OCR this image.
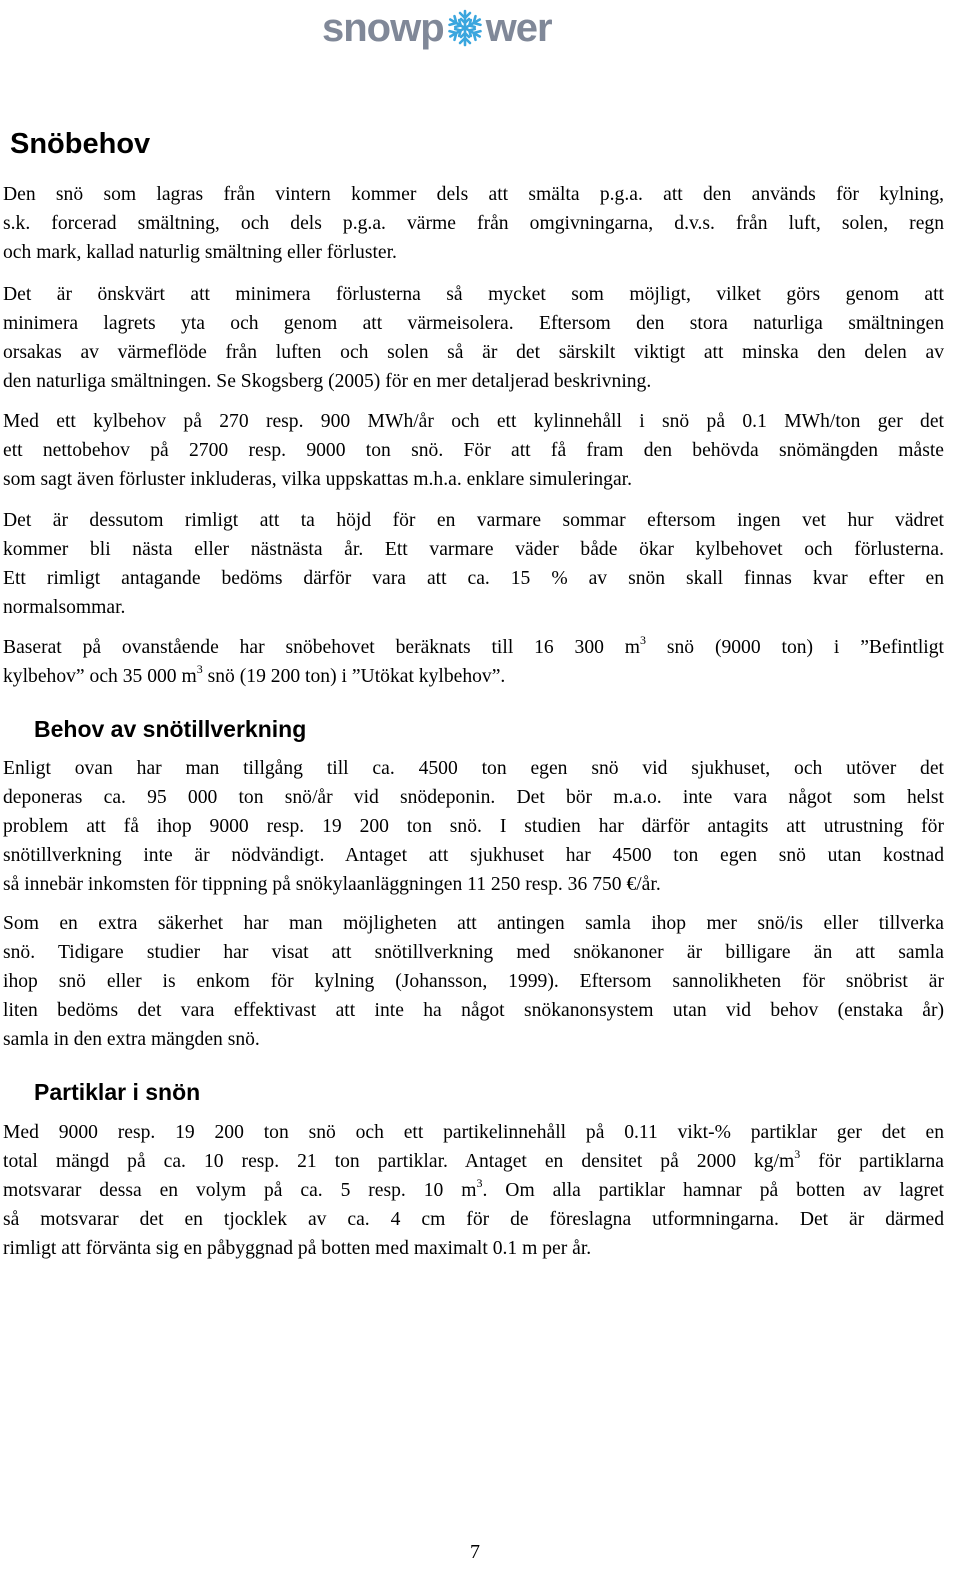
snowp wer
Snöbehov
Den snö som lagras från vintern kommer dels att smälta p.g.a. att den används för kylning,
s.k. forcerad smältning, och dels p.g.a. värme från omgivningarna, d.v.s. från luft, solen, regn
och mark, kallad naturlig smältning eller förluster.
Det är önskvärt att minimera förlusterna så mycket som möjligt, vilket görs genom att
minimera lagrets yta och genom att värmeisolera. Eftersom den stora naturliga smältningen
orsakas av värmeflöde från luften och solen så är det särskilt viktigt att minska den delen av
den naturliga smältningen. Se Skogsberg (2005) för en mer detaljerad beskrivning.
Med ett kylbehov på 270 resp. 900 MWh/år och ett kylinnehåll i snö på 0.1 MWh/ton ger det
ett nettobehov på 2700 resp. 9000 ton snö. För att få fram den behövda snömängden måste
som sagt även förluster inkluderas, vilka uppskattas m.h.a. enklare simuleringar.
Det är dessutom rimligt att ta höjd för en varmare sommar eftersom ingen vet hur vädret
kommer bli nästa eller nästnästa år. Ett varmare väder både ökar kylbehovet och förlusterna.
Ett rimligt antagande bedöms därför vara att ca. 15 % av snön skall finnas kvar efter en
normalsommar.
Baserat på ovanstående har snöbehovet beräknats till 16 300 $m^3$ snö (9000 ton) i ”Befintligt
kylbehov” och 35 000 $m^3$ snö (19 200 ton) i ”Utökat kylbehov”.
Behov av snötillverkning
Enligt ovan har man tillgång till ca. 4500 ton egen snö vid sjukhuset, och utöver det
deponeras ca. 95 000 ton snö/år vid snödeponin. Det bör m.a.o. inte vara något som helst
problem att få ihop 9000 resp. 19 200 ton snö. I studien har därför antagits att utrustning för
snötillverkning inte är nödvändigt. Antaget att sjukhuset har 4500 ton egen snö utan kostnad
så innebär inkomsten för tippning på snökylaanläggningen 11 250 resp. 36 750 €/år.
Som en extra säkerhet har man möjligheten att antingen samla ihop mer snö/is eller tillverka
snö. Tidigare studier har visat att snötillverkning med snökanoner är billigare än att samla
ihop snö eller is enkom för kylning (Johansson, 1999). Eftersom sannolikheten för snöbrist är
liten bedöms det vara effektivast att inte ha något snökanonsystem utan vid behov (enstaka år)
samla in den extra mängden snö.
Partiklar i snön
Med 9000 resp. 19 200 ton snö och ett partikelinnehåll på 0.11 vikt-% partiklar ger det en
total mängd på ca. 10 resp. 21 ton partiklar. Antaget en densitet på 2000 $kg/m^3$ för partiklarna
motsvarar dessa en volym på ca. 5 resp. 10 $m^3$. Om alla partiklar hamnar på botten av lagret
så motsvarar det en tjocklek av ca. 4 cm för de föreslagna utformningarna. Det är därmed
rimligt att förvänta sig en påbyggnad på botten med maximalt 0.1 m per år.
7
